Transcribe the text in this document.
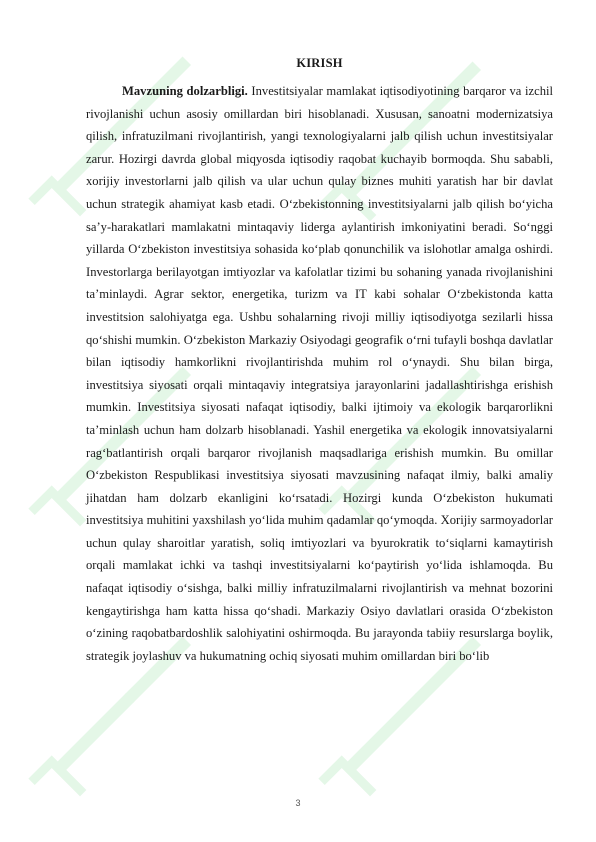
KIRISH

Mavzuning dolzarbligi. Investitsiyalar mamlakat iqtisodiyotining barqaror va izchil rivojlanishi uchun asosiy omillardan biri hisoblanadi. Xususan, sanoatni modernizatsiya qilish, infratuzilmani rivojlantirish, yangi texnologiyalarni jalb qilish uchun investitsiyalar zarur. Hozirgi davrda global miqyosda iqtisodiy raqobat kuchayib bormoqda. Shu sababli, xorijiy investorlarni jalb qilish va ular uchun qulay biznes muhiti yaratish har bir davlat uchun strategik ahamiyat kasb etadi. O‘zbekistonning investitsiyalarni jalb qilish bo‘yicha sa’y-harakatlari mamlakatni mintaqaviy liderga aylantirish imkoniyatini beradi. So‘nggi yillarda O‘zbekiston investitsiya sohasida ko‘plab qonunchilik va islohotlar amalga oshirdi. Investorlarga berilayotgan imtiyozlar va kafolatlar tizimi bu sohaning yanada rivojlanishini ta’minlaydi. Agrar sektor, energetika, turizm va IT kabi sohalar O‘zbekistonda katta investitsion salohiyatga ega. Ushbu sohalarning rivoji milliy iqtisodiyotga sezilarli hissa qo‘shishi mumkin. O‘zbekiston Markaziy Osiyodagi geografik o‘rni tufayli boshqa davlatlar bilan iqtisodiy hamkorlikni rivojlantirishda muhim rol o‘ynaydi. Shu bilan birga, investitsiya siyosati orqali mintaqaviy integratsiya jarayonlarini jadallashtirishga erishish mumkin. Investitsiya siyosati nafaqat iqtisodiy, balki ijtimoiy va ekologik barqarorlikni ta’minlash uchun ham dolzarb hisoblanadi. Yashil energetika va ekologik innovatsiyalarni rag‘batlantirish orqali barqaror rivojlanish maqsadlariga erishish mumkin. Bu omillar O‘zbekiston Respublikasi investitsiya siyosati mavzusining nafaqat ilmiy, balki amaliy jihatdan ham dolzarb ekanligini ko‘rsatadi. Hozirgi kunda O‘zbekiston hukumati investitsiya muhitini yaxshilash yo‘lida muhim qadamlar qo‘ymoqda. Xorijiy sarmoyadorlar uchun qulay sharoitlar yaratish, soliq imtiyozlari va byurokratik to‘siqlarni kamaytirish orqali mamlakat ichki va tashqi investitsiyalarni ko‘paytirish yo‘lida ishlamoqda. Bu nafaqat iqtisodiy o‘sishga, balki milliy infratuzilmalarni rivojlantirish va mehnat bozorini kengaytirishga ham katta hissa qo‘shadi. Markaziy Osiyo davlatlari orasida O‘zbekiston o‘zining raqobatbardoshlik salohiyatini oshirmoqda. Bu jarayonda tabiiy resurslarga boylik, strategik joylashuv va hukumatning ochiq siyosati muhim omillardan biri bo‘lib

3
